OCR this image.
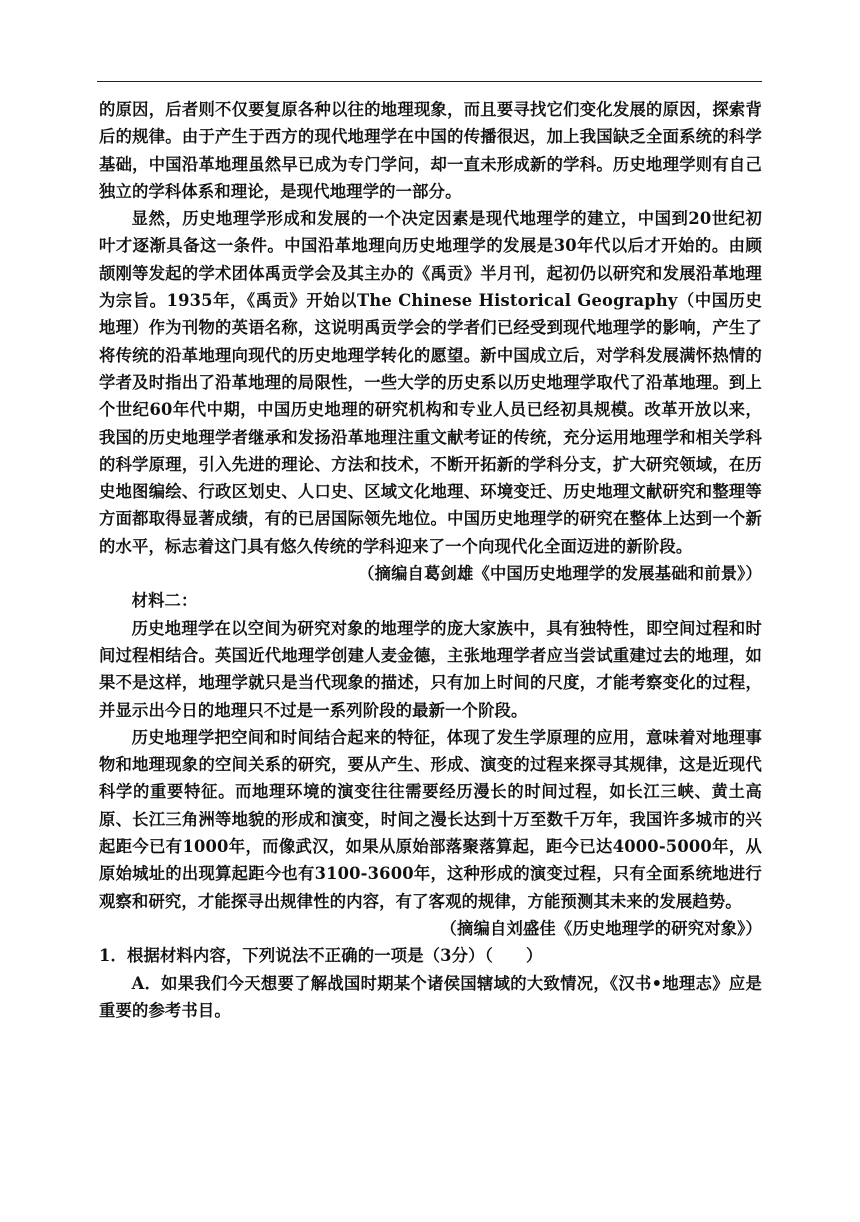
的原因，后者则不仅要复原各种以往的地理现象，而且要寻找它们变化发展的原因，探索背后的规律。由于产生于西方的现代地理学在中国的传播很迟，加上我国缺乏全面系统的科学基础，中国沿革地理虽然早已成为专门学问，却一直未形成新的学科。历史地理学则有自己独立的学科体系和理论，是现代地理学的一部分。

显然，历史地理学形成和发展的一个决定因素是现代地理学的建立，中国到20世纪初叶才逐渐具备这一条件。中国沿革地理向历史地理学的发展是30年代以后才开始的。由顾颉刚等发起的学术团体禹贡学会及其主办的《禹贡》半月刊，起初仍以研究和发展沿革地理为宗旨。1935年，《禹贡》开始以The Chinese Historical Geography（中国历史地理）作为刊物的英语名称，这说明禹贡学会的学者们已经受到现代地理学的影响，产生了将传统的沿革地理向现代的历史地理学转化的愿望。新中国成立后，对学科发展满怀热情的学者及时指出了沿革地理的局限性，一些大学的历史系以历史地理学取代了沿革地理。到上个世纪60年代中期，中国历史地理的研究机构和专业人员已经初具规模。改革开放以来，我国的历史地理学者继承和发扬沿革地理注重文献考证的传统，充分运用地理学和相关学科的科学原理，引入先进的理论、方法和技术，不断开拓新的学科分支，扩大研究领域，在历史地图编绘、行政区划史、人口史、区域文化地理、环境变迁、历史地理文献研究和整理等方面都取得显著成绩，有的已居国际领先地位。中国历史地理学的研究在整体上达到一个新的水平，标志着这门具有悠久传统的学科迎来了一个向现代化全面迈进的新阶段。

（摘编自葛剑雄《中国历史地理学的发展基础和前景》）

材料二：

历史地理学在以空间为研究对象的地理学的庞大家族中，具有独特性，即空间过程和时间过程相结合。英国近代地理学创建人麦金德，主张地理学者应当尝试重建过去的地理，如果不是这样，地理学就只是当代现象的描述，只有加上时间的尺度，才能考察变化的过程，并显示出今日的地理只不过是一系列阶段的最新一个阶段。

历史地理学把空间和时间结合起来的特征，体现了发生学原理的应用，意味着对地理事物和地理现象的空间关系的研究，要从产生、形成、演变的过程来探寻其规律，这是近现代科学的重要特征。而地理环境的演变往往需要经历漫长的时间过程，如长江三峡、黄土高原、长江三角洲等地貌的形成和演变，时间之漫长达到十万至数千万年，我国许多城市的兴起距今已有1000年，而像武汉，如果从原始部落聚落算起，距今已达4000-5000年，从原始城址的出现算起距今也有3100-3600年，这种形成的演变过程，只有全面系统地进行观察和研究，才能探寻出规律性的内容，有了客观的规律，方能预测其未来的发展趋势。

（摘编自刘盛佳《历史地理学的研究对象》）

1．根据材料内容，下列说法不正确的一项是（3分）（　　）

A．如果我们今天想要了解战国时期某个诸侯国辖域的大致情况，《汉书•地理志》应是重要的参考书目。
